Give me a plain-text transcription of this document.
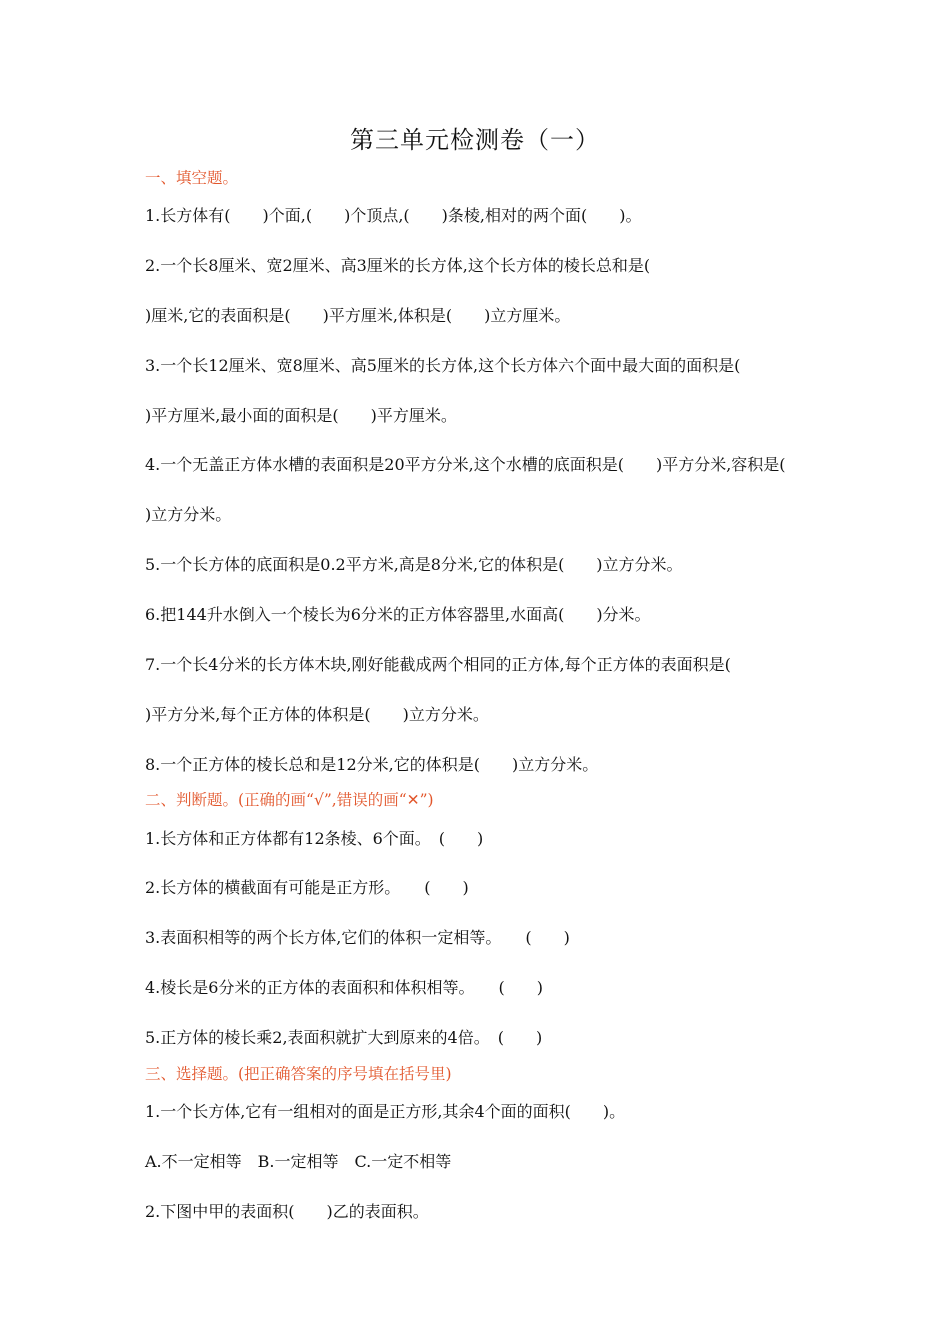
第三单元检测卷（一）
一、填空题。
1.长方体有(　　)个面,(　　)个顶点,(　　)条棱,相对的两个面(　　)。
2.一个长8厘米、宽2厘米、高3厘米的长方体,这个长方体的棱长总和是(
)厘米,它的表面积是(　　)平方厘米,体积是(　　)立方厘米。
3.一个长12厘米、宽8厘米、高5厘米的长方体,这个长方体六个面中最大面的面积是(
)平方厘米,最小面的面积是(　　)平方厘米。
4.一个无盖正方体水槽的表面积是20平方分米,这个水槽的底面积是(　　)平方分米,容积是(
)立方分米。
5.一个长方体的底面积是0.2平方米,高是8分米,它的体积是(　　)立方分米。
6.把144升水倒入一个棱长为6分米的正方体容器里,水面高(　　)分米。
7.一个长4分米的长方体木块,刚好能截成两个相同的正方体,每个正方体的表面积是(
)平方分米,每个正方体的体积是(　　)立方分米。
8.一个正方体的棱长总和是12分米,它的体积是(　　)立方分米。
二、判断题。(正确的画“√”,错误的画“✕”)
1.长方体和正方体都有12条棱、6个面。　(　　)
2.长方体的横截面有可能是正方形。　　(　　)
3.表面积相等的两个长方体,它们的体积一定相等。　　(　　)
4.棱长是6分米的正方体的表面积和体积相等。　　(　　)
5.正方体的棱长乘2,表面积就扩大到原来的4倍。　(　　)
三、选择题。(把正确答案的序号填在括号里)
1.一个长方体,它有一组相对的面是正方形,其余4个面的面积(　　)。
A.不一定相等　B.一定相等　C.一定不相等
2.下图中甲的表面积(　　)乙的表面积。
